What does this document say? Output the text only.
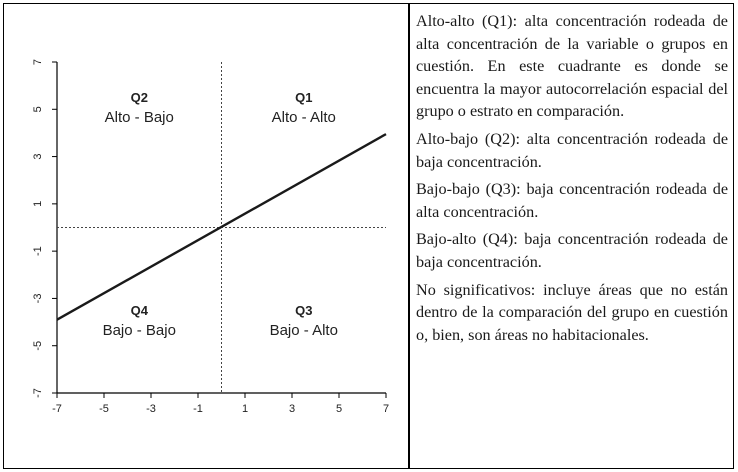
-7	-5	-3	-1	1	3	5	7
-7
-5
-3
-1
1
3
5
7
Q2
Alto - Bajo
Q1
Alto - Alto
Q4
Bajo - Bajo
Q3
Bajo - Alto

Alto-alto (Q1): alta concentración rodeada de alta concentración de la variable o grupos en cuestión. En este cuadrante es donde se encuentra la mayor autocorrelación espacial del grupo o estrato en comparación.

Alto-bajo (Q2): alta concentración rodeada de baja concentración.

Bajo-bajo (Q3): baja concentración rodeada de alta concentración.

Bajo-alto (Q4): baja concentración rodeada de baja concentración.

No significativos: incluye áreas que no están dentro de la comparación del grupo en cuestión o, bien, son áreas no habitacionales.
